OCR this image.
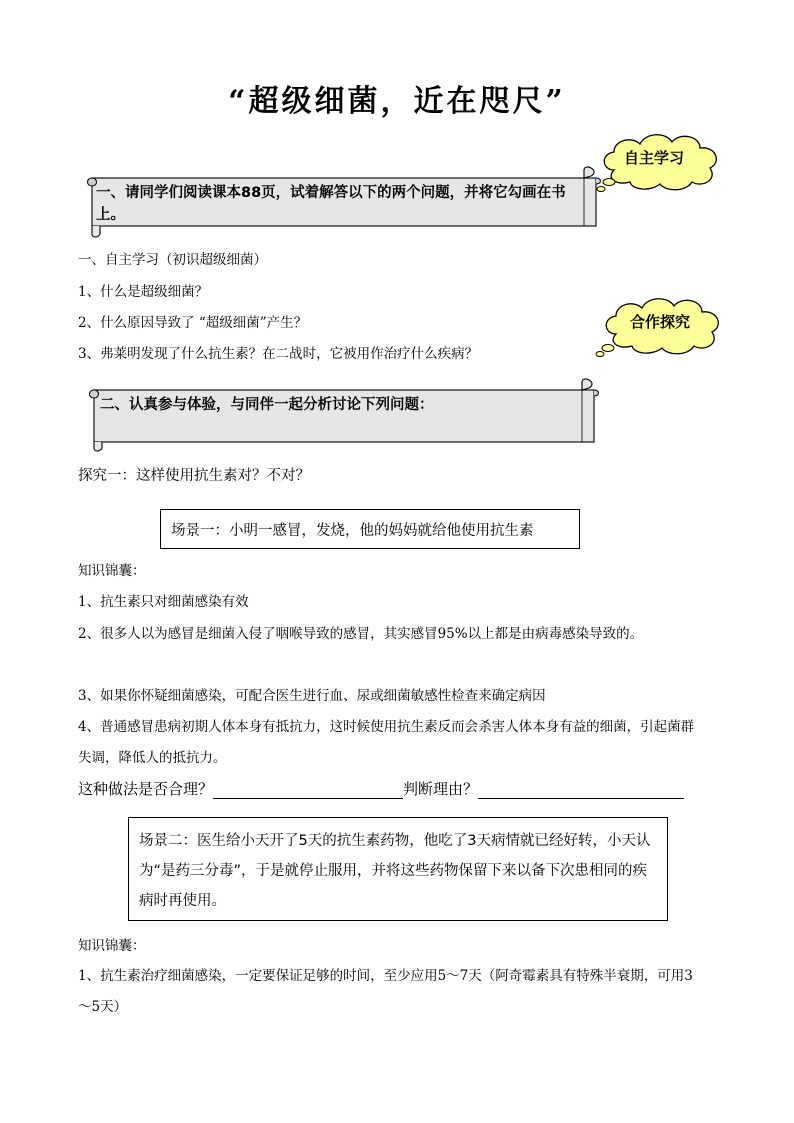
“超级细菌，近在咫尺”
自主学习
合作探究
一、请同学们阅读课本88页，试着解答以下的两个问题，并将它勾画在书上。
一、自主学习（初识超级细菌）
1、什么是超级细菌？
2、什么原因导致了 “超级细菌”产生？
3、弗莱明发现了什么抗生素？在二战时，它被用作治疗什么疾病？
二、认真参与体验，与同伴一起分析讨论下列问题：
探究一：这样使用抗生素对？不对？
场景一：小明一感冒，发烧，他的妈妈就给他使用抗生素
知识锦囊：
1、抗生素只对细菌感染有效
2、很多人以为感冒是细菌入侵了咽喉导致的感冒，其实感冒95%以上都是由病毒感染导致的。
3、如果你怀疑细菌感染，可配合医生进行血、尿或细菌敏感性检查来确定病因
4、普通感冒患病初期人体本身有抵抗力，这时候使用抗生素反而会杀害人体本身有益的细菌，引起菌群失调，降低人的抵抗力。
这种做法是否合理？	判断理由？
场景二：医生给小天开了5天的抗生素药物，他吃了3天病情就已经好转，小天认为“是药三分毒”，于是就停止服用，并将这些药物保留下来以备下次患相同的疾病时再使用。
知识锦囊：
1、抗生素治疗细菌感染，一定要保证足够的时间，至少应用5～7天（阿奇霉素具有特殊半衰期，可用3～5天）
